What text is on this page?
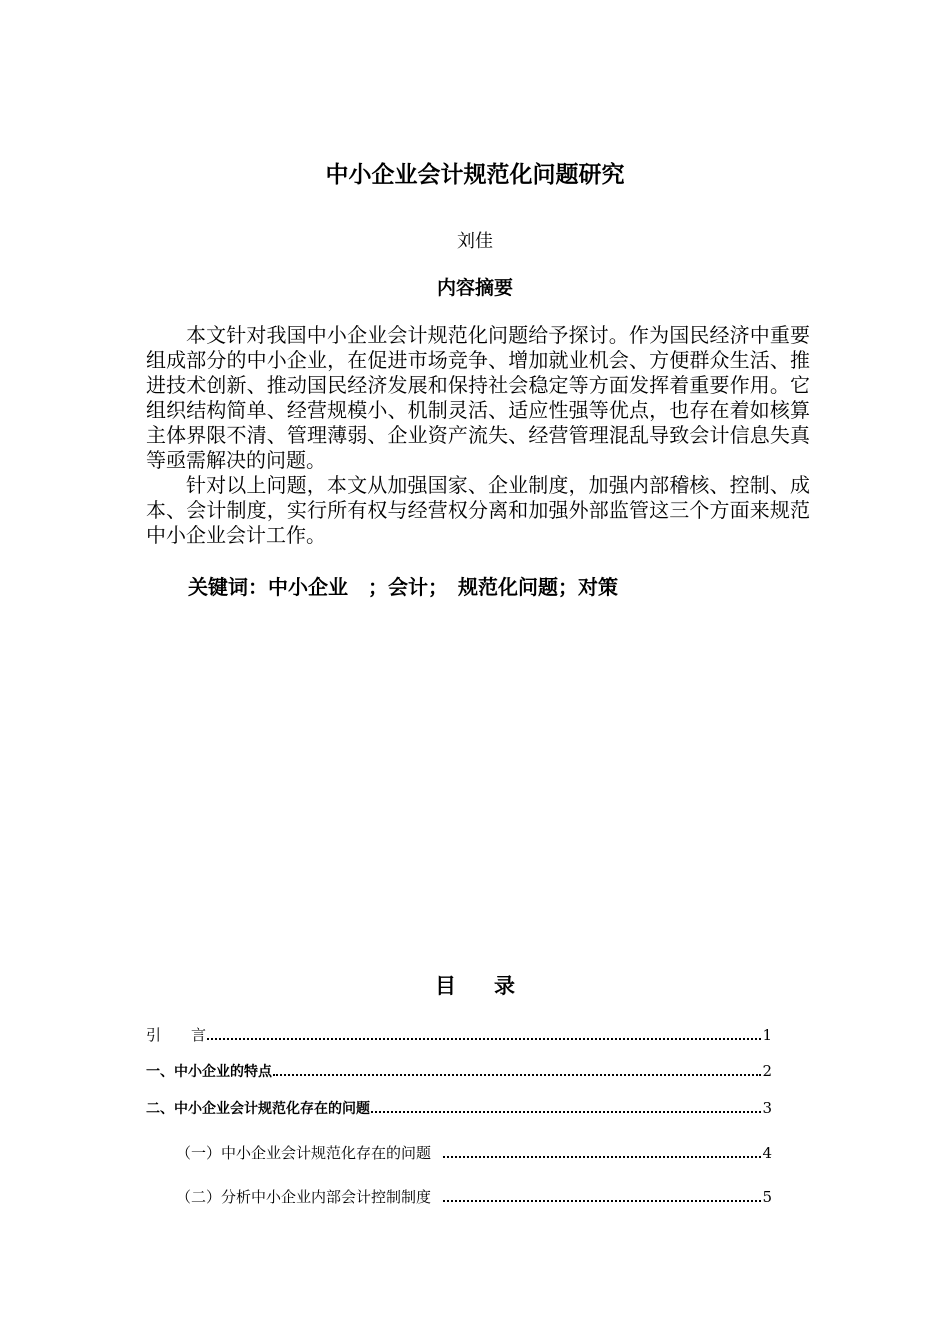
中小企业会计规范化问题研究
刘佳
内容摘要

本文针对我国中小企业会计规范化问题给予探讨。作为国民经济中重要组成部分的中小企业，在促进市场竞争、增加就业机会、方便群众生活、推进技术创新、推动国民经济发展和保持社会稳定等方面发挥着重要作用。它组织结构简单、经营规模小、机制灵活、适应性强等优点，也存在着如核算主体界限不清、管理薄弱、企业资产流失、经营管理混乱导致会计信息失真等亟需解决的问题。

针对以上问题，本文从加强国家、企业制度，加强内部稽核、控制、成本、会计制度，实行所有权与经营权分离和加强外部监管这三个方面来规范中小企业会计工作。

关键词：中小企业　；会计；　规范化问题；对策
目 录
引　　言	1
一、中小企业的特点	2
二、中小企业会计规范化存在的问题	3
（一）中小企业会计规范化存在的问题	4
（二）分析中小企业内部会计控制制度	5
